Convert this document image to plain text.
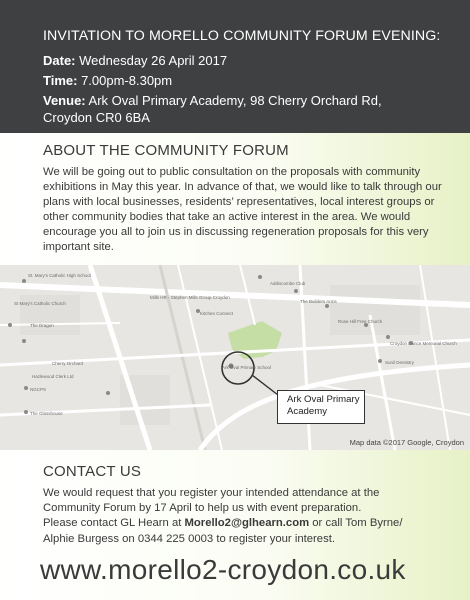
INVITATION TO MORELLO COMMUNITY FORUM EVENING:
Date: Wednesday 26 April 2017
Time: 7.00pm-8.30pm
Venue: Ark Oval Primary Academy, 98 Cherry Orchard Rd,
Croydon CR0 6BA
ABOUT THE COMMUNITY FORUM

We will be going out to public consultation on the proposals with community exhibitions in May this year. In advance of that, we would like to talk through our plans with local businesses, residents’ representatives, local interest groups or other community bodies that take an active interest in the area. We would encourage you all to join us in discussing regeneration proposals for this very important site.

St. Mary's Catholic High School
St Mary's Catholic Church
Mills HR - Stephen Mills Group Croydon
Kitchen Connect
The Builders Arms
Addiscombe Club
Rose Hill Free Church
Croydon Dance Memorial Church
Sunil Dentistry
The Dragon
Cherry Orchard
NGCPS
Hazlewood Clerk Ltd
The Glasshouse
Ark Oval Primary School
Ark Oval Primary
Academy
Map data ©2017 Google, Croydon
CONTACT US
We would request that you register your intended attendance at the
Community Forum by 17 April to help us with event preparation.
Please contact GL Hearn at Morello2@glhearn.com or call Tom Byrne/
Alphie Burgess on 0344 225 0003 to register your interest.
www.morello2-croydon.co.uk
